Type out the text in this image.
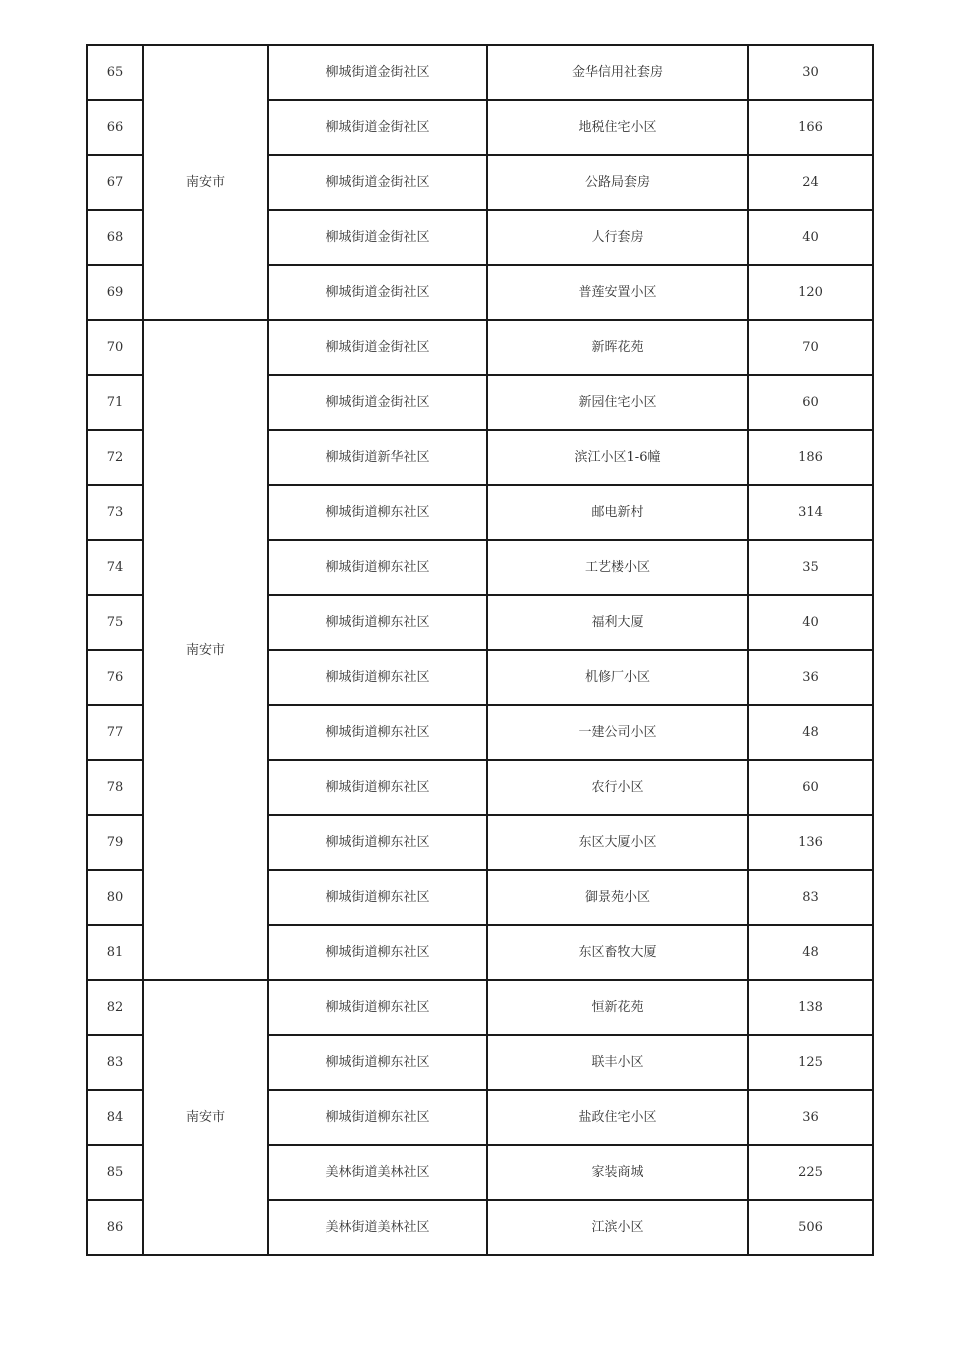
65	南安市	柳城街道金街社区	金华信用社套房	30
66		柳城街道金街社区	地税住宅小区	166
67		柳城街道金街社区	公路局套房	24
68		柳城街道金街社区	人行套房	40
69		柳城街道金街社区	普莲安置小区	120
70	南安市	柳城街道金街社区	新晖花苑	70
71		柳城街道金街社区	新园住宅小区	60
72		柳城街道新华社区	滨江小区1-6幢	186
73		柳城街道柳东社区	邮电新村	314
74		柳城街道柳东社区	工艺楼小区	35
75		柳城街道柳东社区	福利大厦	40
76		柳城街道柳东社区	机修厂小区	36
77		柳城街道柳东社区	一建公司小区	48
78		柳城街道柳东社区	农行小区	60
79		柳城街道柳东社区	东区大厦小区	136
80		柳城街道柳东社区	御景苑小区	83
81		柳城街道柳东社区	东区畜牧大厦	48
82	南安市	柳城街道柳东社区	恒新花苑	138
83		柳城街道柳东社区	联丰小区	125
84		柳城街道柳东社区	盐政住宅小区	36
85		美林街道美林社区	家装商城	225
86		美林街道美林社区	江滨小区	506
